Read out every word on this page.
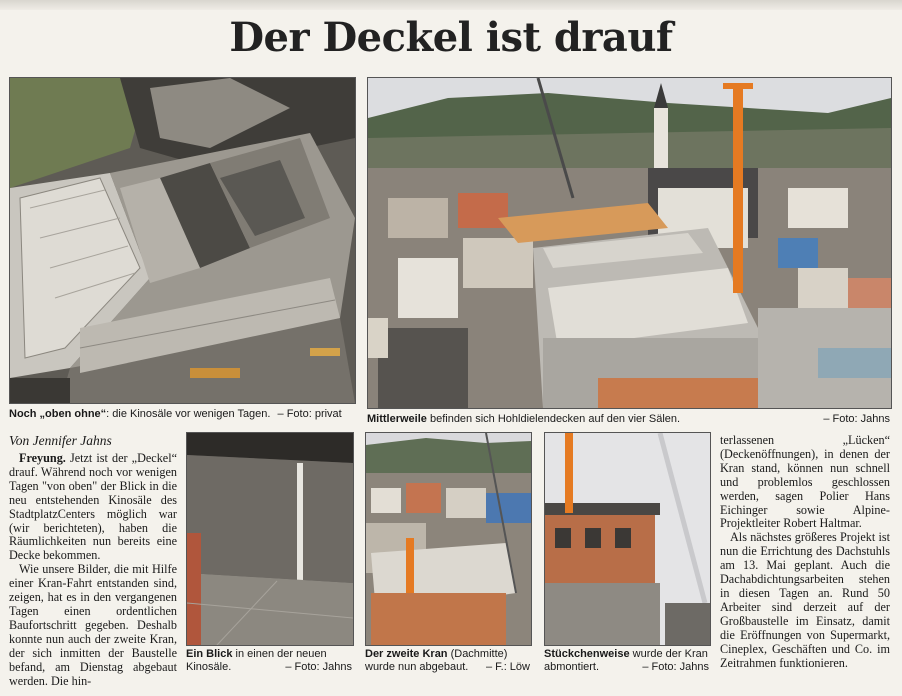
Der Deckel ist drauf
Noch „oben ohne“: die Kinosäle vor wenigen Tagen. – Foto: privat	Mittlerweile befinden sich Hohldielendecken auf den vier Sälen.	– Foto: Jahns
Von Jennifer Jahns

Freyung. Jetzt ist der „Deckel“ drauf. Während noch vor wenigen Tagen "von oben" der Blick in die neu entstehenden Kinosäle des StadtplatzCenters möglich war (wir berichteten), haben die Räumlichkeiten nun bereits eine Decke bekommen.

Wie unsere Bilder, die mit Hilfe einer Kran-Fahrt entstanden sind, zeigen, hat es in den vergangenen Tagen einen ordentlichen Baufortschritt gegeben. Deshalb konnte nun auch der zweite Kran, der sich inmitten der Baustelle befand, am Dienstag abgebaut werden. Die hin-

Ein Blick in einen der neuen Kinosäle.	– Foto: Jahns
Der zweite Kran (Dachmitte) wurde nun abgebaut. – F.: Löw
Stückchenweise wurde der Kran abmontiert.	– Foto: Jahns

terlassenen „Lücken“ (Deckenöffnungen), in denen der Kran stand, können nun schnell und problemlos geschlossen werden, sagen Polier Hans Eichinger sowie Alpine-Projektleiter Robert Haltmar.

Als nächstes größeres Projekt ist nun die Errichtung des Dachstuhls am 13. Mai geplant. Auch die Dachabdichtungsarbeiten stehen in diesen Tagen an. Rund 50 Arbeiter sind derzeit auf der Großbaustelle im Einsatz, damit die Eröffnungen von Supermarkt, Cineplex, Geschäften und Co. im Zeitrahmen funktionieren.
